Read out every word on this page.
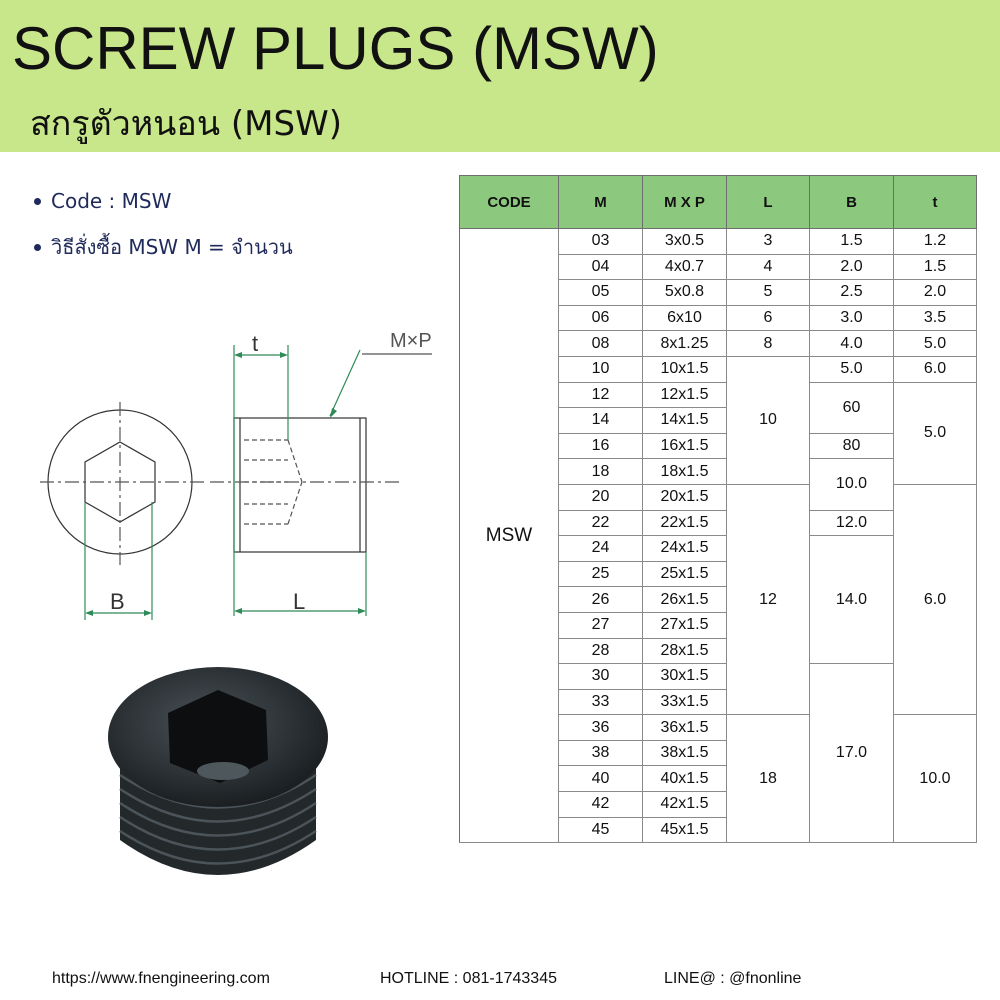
SCREW PLUGS (MSW)
สกรูตัวหนอน (MSW)
Code : MSW
วิธีสั่งซื้อ MSW M = จำนวน
B
t
L
M×P
CODE	M	M X P	L	B	t
MSW	03	3x0.5	3	1.5	1.2
	04	4x0.7	4	2.0	1.5
	05	5x0.8	5	2.5	2.0
	06	6x10	6	3.0	3.5
	08	8x1.25	8	4.0	5.0
	10	10x1.5	10	5.0	6.0
	12	12x1.5		60	5.0
	14	14x1.5			
	16	16x1.5		80	
	18	18x1.5		10.0	
	20	20x1.5	12		6.0
	22	22x1.5		12.0	
	24	24x1.5		14.0	
	25	25x1.5			
	26	26x1.5			
	27	27x1.5			
	28	28x1.5			
	30	30x1.5		17.0	
	33	33x1.5			
	36	36x1.5	18		10.0
	38	38x1.5			
	40	40x1.5			
	42	42x1.5			
	45	45x1.5			
https://www.fnengineering.com	HOTLINE : 081-1743345	LINE@ : @fnonline
